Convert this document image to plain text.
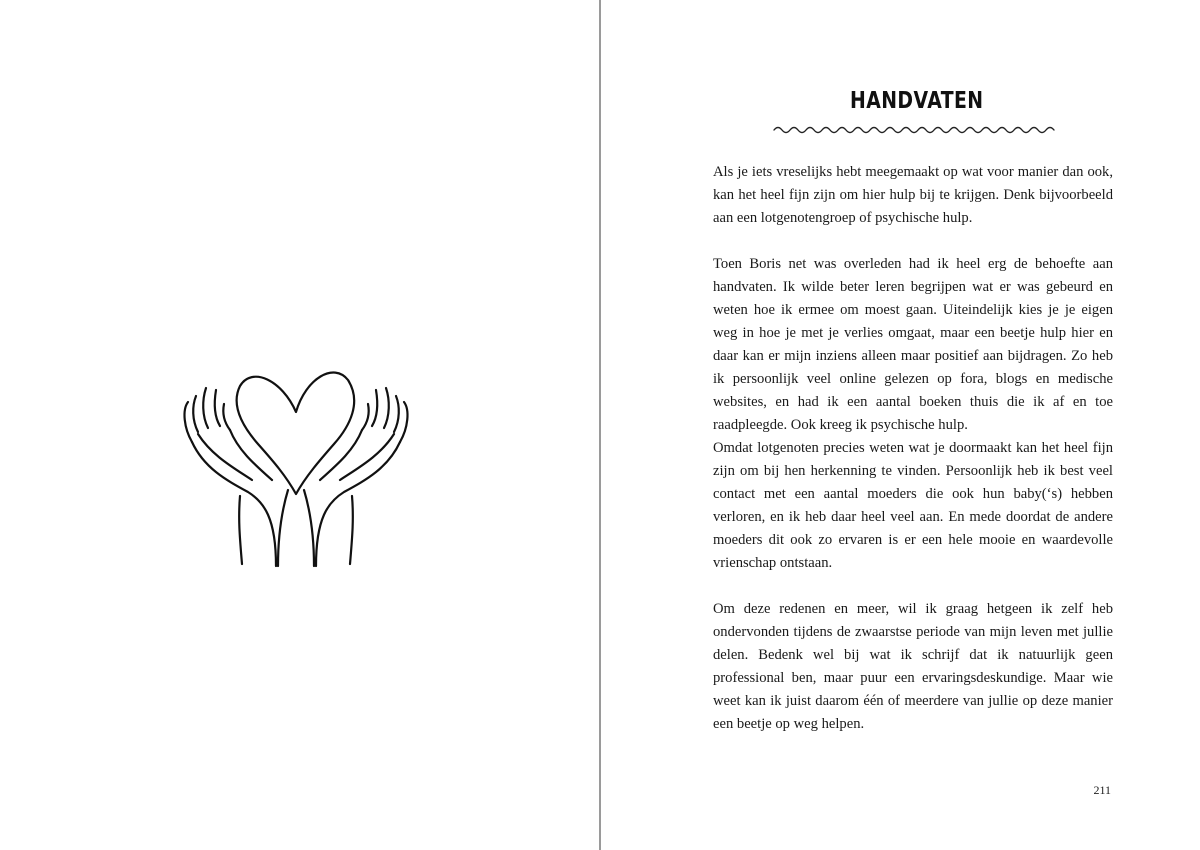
HANDVATEN

Als je iets vreselijks hebt meegemaakt op wat voor manier dan ook, kan het heel fijn zijn om hier hulp bij te krijgen. Denk bijvoorbeeld aan een lotgenotengroep of psychische hulp.

Toen Boris net was overleden had ik heel erg de behoefte aan handvaten. Ik wilde beter leren begrijpen wat er was gebeurd en weten hoe ik ermee om moest gaan. Uiteindelijk kies je je eigen weg in hoe je met je verlies omgaat, maar een beetje hulp hier en daar kan er mijn inziens alleen maar positief aan bijdragen. Zo heb ik persoonlijk veel online gelezen op fora, blogs en medische websites, en had ik een aantal boeken thuis die ik af en toe raadpleegde. Ook kreeg ik psychische hulp.

Omdat lotgenoten precies weten wat je doormaakt kan het heel fijn zijn om bij hen herkenning te vinden. Persoonlijk heb ik best veel contact met een aantal moeders die ook hun baby(‘s) hebben verloren, en ik heb daar heel veel aan. En mede doordat de andere moeders dit ook zo ervaren is er een hele mooie en waardevolle vrienschap ontstaan.

Om deze redenen en meer, wil ik graag hetgeen ik zelf heb ondervonden tijdens de zwaarstse periode van mijn leven met jullie delen. Bedenk wel bij wat ik schrijf dat ik natuurlijk geen professional ben, maar puur een ervaringsdeskundige. Maar wie weet kan ik juist daarom één of meerdere van jullie op deze manier een beetje op weg helpen.

211
